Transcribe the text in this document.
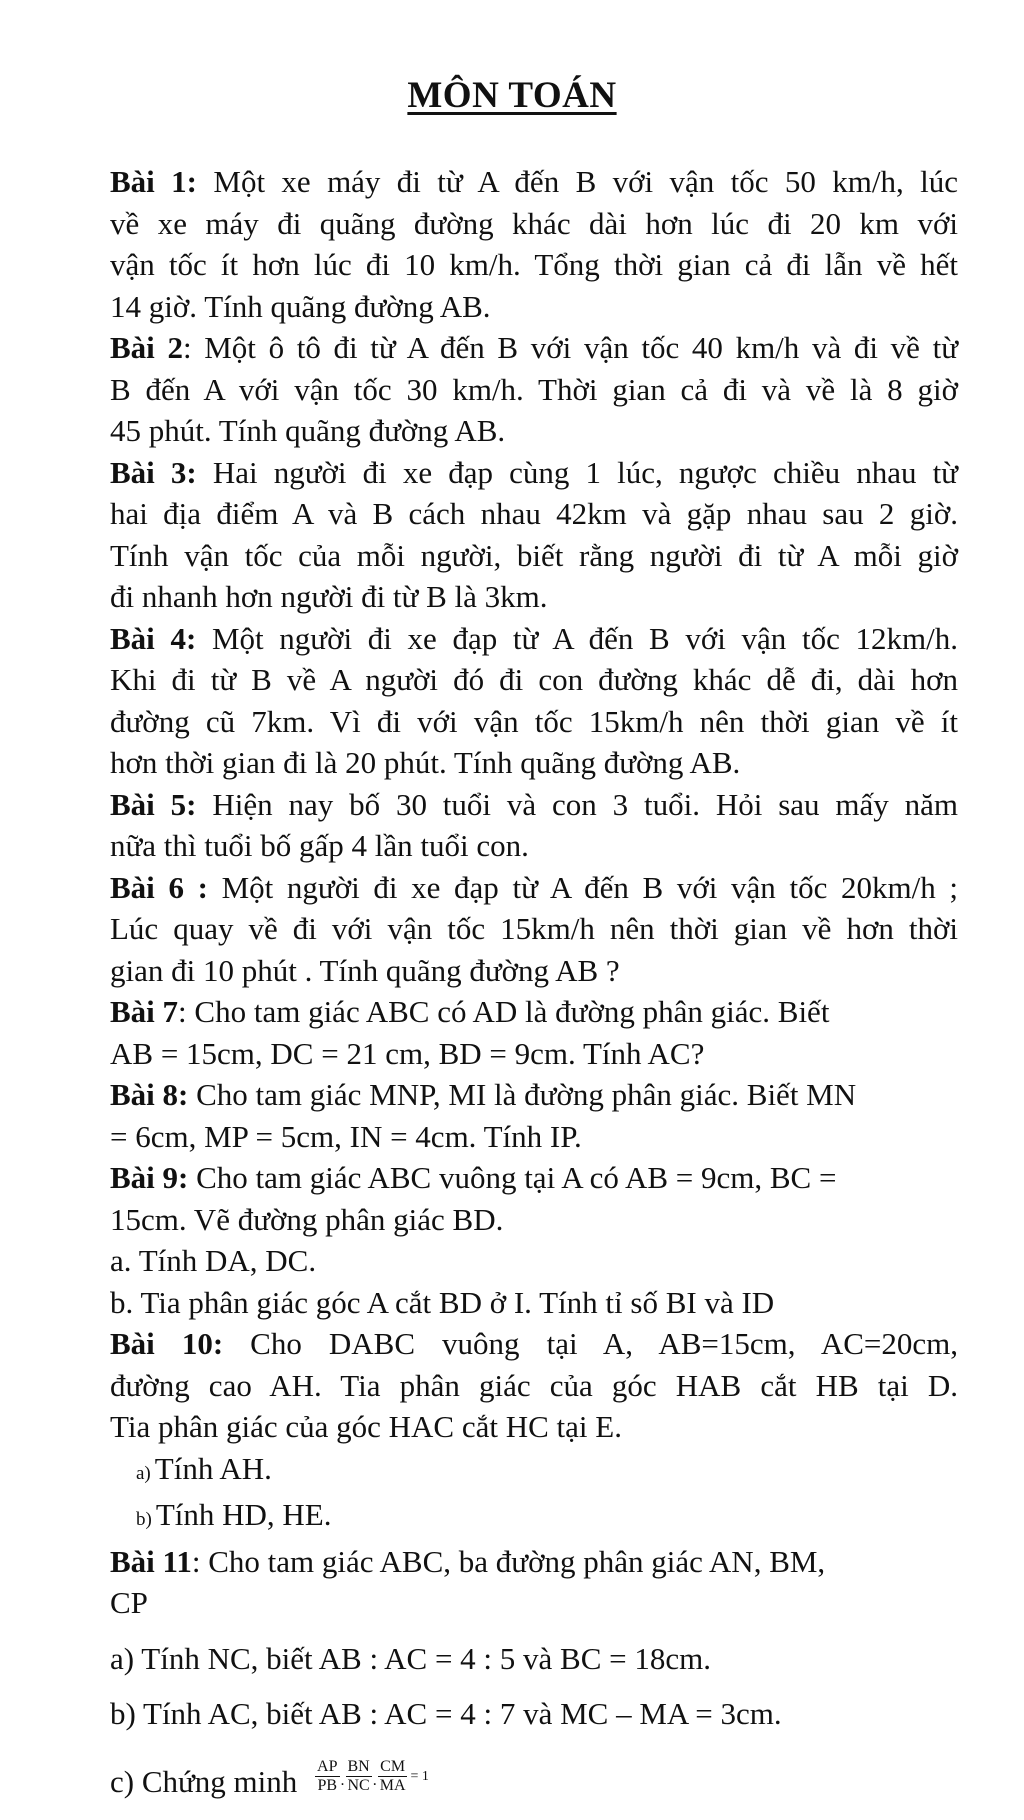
MÔN TOÁN
Bài 1: Một xe máy đi từ A đến B với vận tốc 50 km/h, lúc
về xe máy đi quãng đường khác dài hơn lúc đi 20 km với
vận tốc ít hơn lúc đi 10 km/h. Tổng thời gian cả đi lẫn về hết
14 giờ. Tính quãng đường AB.
Bài 2: Một ô tô đi từ A đến B với vận tốc 40 km/h và đi về từ
B đến A với vận tốc 30 km/h. Thời gian cả đi và về là 8 giờ
45 phút. Tính quãng đường AB.
Bài 3: Hai người đi xe đạp cùng 1 lúc, ngược chiều nhau từ
hai địa điểm A và B cách nhau 42km và gặp nhau sau 2 giờ.
Tính vận tốc của mỗi người, biết rằng người đi từ A mỗi giờ
đi nhanh hơn người đi từ B là 3km.
Bài 4: Một người đi xe đạp từ A đến B với vận tốc 12km/h.
Khi đi từ B về A người đó đi con đường khác dễ đi, dài hơn
đường cũ 7km. Vì đi với vận tốc 15km/h nên thời gian về ít
hơn thời gian đi là 20 phút. Tính quãng đường AB.
Bài 5: Hiện nay bố 30 tuổi và con 3 tuổi. Hỏi sau mấy năm
nữa thì tuổi bố gấp 4 lần tuổi con.
Bài 6 : Một người đi xe đạp từ A đến B với vận tốc 20km/h ;
Lúc quay về đi với vận tốc 15km/h nên thời gian về hơn thời
gian đi 10 phút . Tính quãng đường AB ?
Bài 7: Cho tam giác ABC có AD là đường phân giác. Biết
AB = 15cm, DC = 21 cm, BD = 9cm. Tính AC?
Bài 8: Cho tam giác MNP, MI là đường phân giác. Biết MN
= 6cm, MP = 5cm, IN = 4cm. Tính IP.
Bài 9: Cho tam giác ABC vuông tại A có AB = 9cm, BC =
15cm. Vẽ đường phân giác BD.
a. Tính DA, DC.
b. Tia phân giác góc A cắt BD ở I. Tính tỉ số BI và ID
Bài 10: Cho DABC vuông tại A, AB=15cm, AC=20cm,
đường cao AH. Tia phân giác của góc HAB cắt HB tại D.
Tia phân giác của góc HAC cắt HC tại E.
a) Tính AH.
b) Tính HD, HE.
Bài 11: Cho tam giác ABC, ba đường phân giác AN, BM,
CP
a) Tính NC, biết AB : AC = 4 : 5 và BC = 18cm.
b) Tính AC, biết AB : AC = 4 : 7 và MC – MA = 3cm.
c) Chứng minh $\frac{AP}{PB}$ . $\frac{BN}{NC}$ . $\frac{CM}{MA} = 1$
